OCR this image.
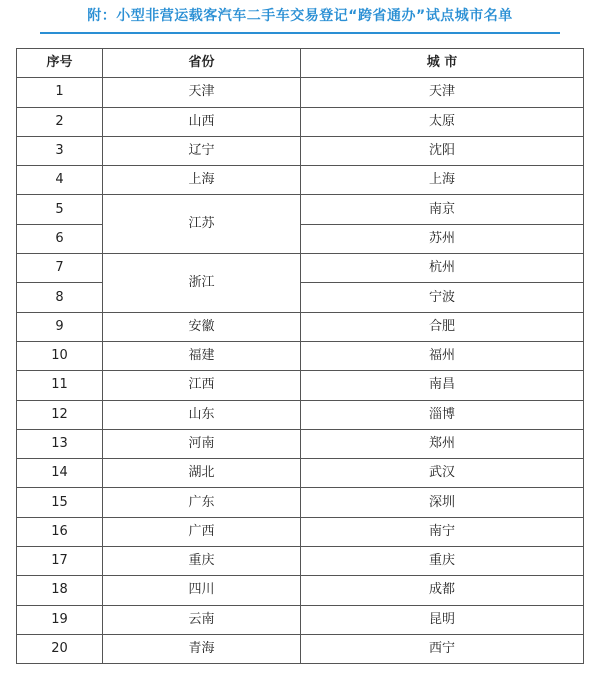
附：小型非营运载客汽车二手车交易登记“跨省通办”试点城市名单
序号	省份	城 市
1	天津	天津
2	山西	太原
3	辽宁	沈阳
4	上海	上海
5	江苏	南京
6		苏州
7	浙江	杭州
8		宁波
9	安徽	合肥
10	福建	福州
11	江西	南昌
12	山东	淄博
13	河南	郑州
14	湖北	武汉
15	广东	深圳
16	广西	南宁
17	重庆	重庆
18	四川	成都
19	云南	昆明
20	青海	西宁
